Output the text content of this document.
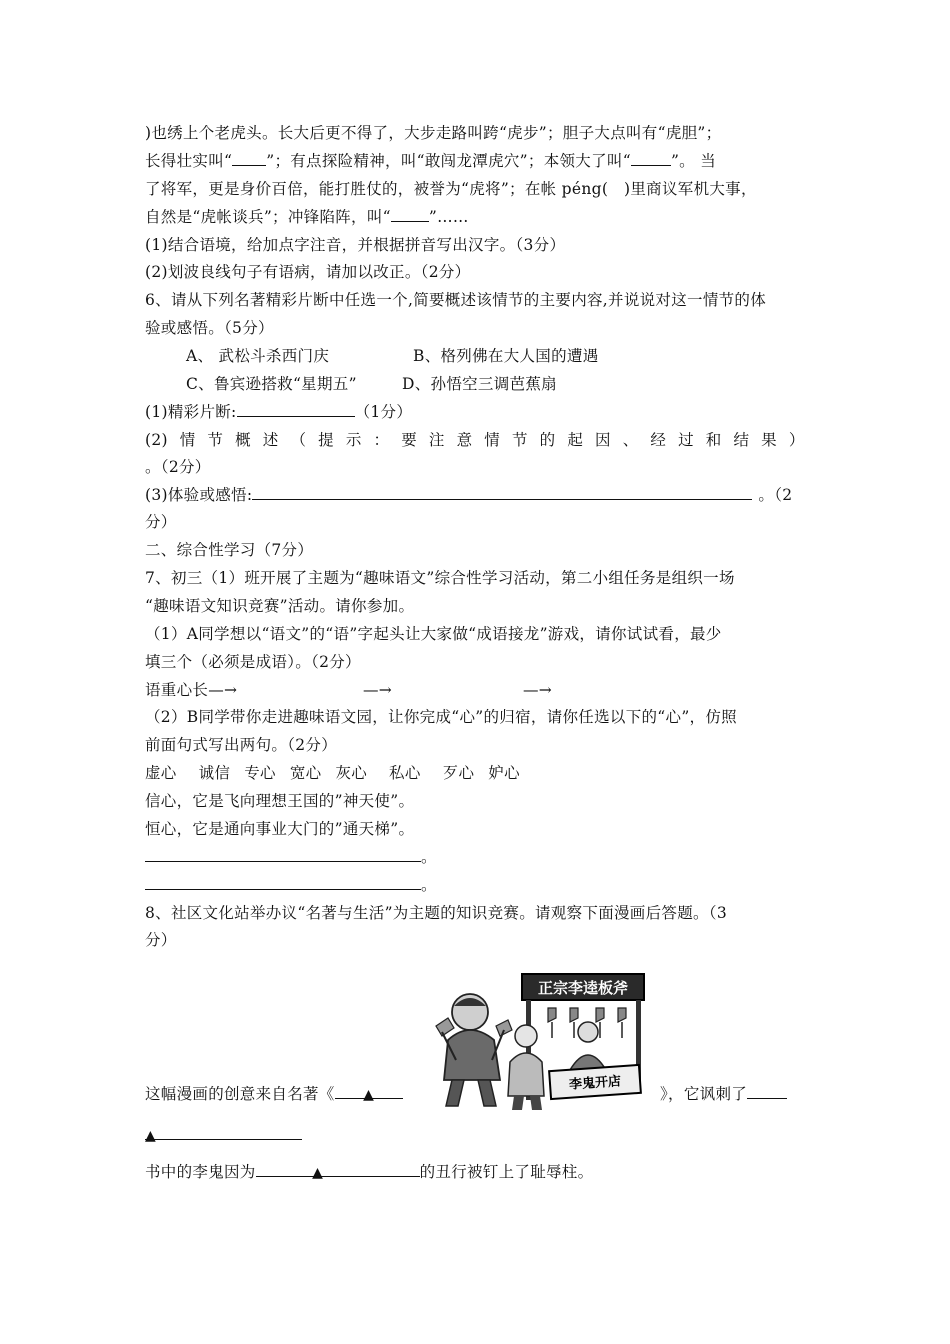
)也绣上个老虎头。长大后更不得了，大步走路叫跨“虎步”；胆子大点叫有“虎胆”；
长得壮实叫“ ”；有点探险精神，叫“敢闯龙潭虎穴”；本领大了叫“	”。 当
了将军，更是身价百倍，能打胜仗的，被誉为“虎将”；在帐 péng(　)里商议军机大事，
自然是“虎帐谈兵”；冲锋陷阵，叫“ ”……
(1)结合语境，给加点字注音，并根据拼音写出汉字。（3分）
(2)划波良线句子有语病，请加以改正。（2分）
6、请从下列名著精彩片断中任选一个,简要概述该情节的主要内容,并说说对这一情节的体
验或感悟。（5分）
A、 武松斗杀西门庆	B、格列佛在大人国的遭遇
C、鲁宾逊搭救“星期五”	D、孙悟空三调芭蕉扇
(1)精彩片断:	（1分）
(2) 情 节 概 述 （ 提 示 ： 要 注 意 情 节 的 起 因 、 经 过 和 结 果 ）
。（2分）
(3)体验或感悟:	。（2
分）
二、综合性学习（7分）
7、初三（1）班开展了主题为“趣味语文”综合性学习活动，第二小组任务是组织一场
“趣味语文知识竞赛”活动。请你参加。
（1）A同学想以“语文”的“语”字起头让大家做“成语接龙”游戏，请你试试看，最少
填三个（必须是成语）。（2分）
语重心长—→	—→	—→
（2）B同学带你走进趣味语文园，让你完成“心”的归宿，请你任选以下的“心”，仿照
前面句式写出两句。（2分）
虚心 诚信 专心 宽心 灰心 私心 歹心 妒心
信心，它是飞向理想王国的”神天使”。
恒心，它是通向事业大门的”通天梯”。
。
。
8、社区文化站举办议“名著与生活”为主题的知识竞赛。请观察下面漫画后答题。（3
分）
正宗李逵板斧
李鬼开店
这幅漫画的创意来自名著《 ▲	》，它讽刺了
▲
书中的李鬼因为	▲	的丑行被钉上了耻辱柱。
